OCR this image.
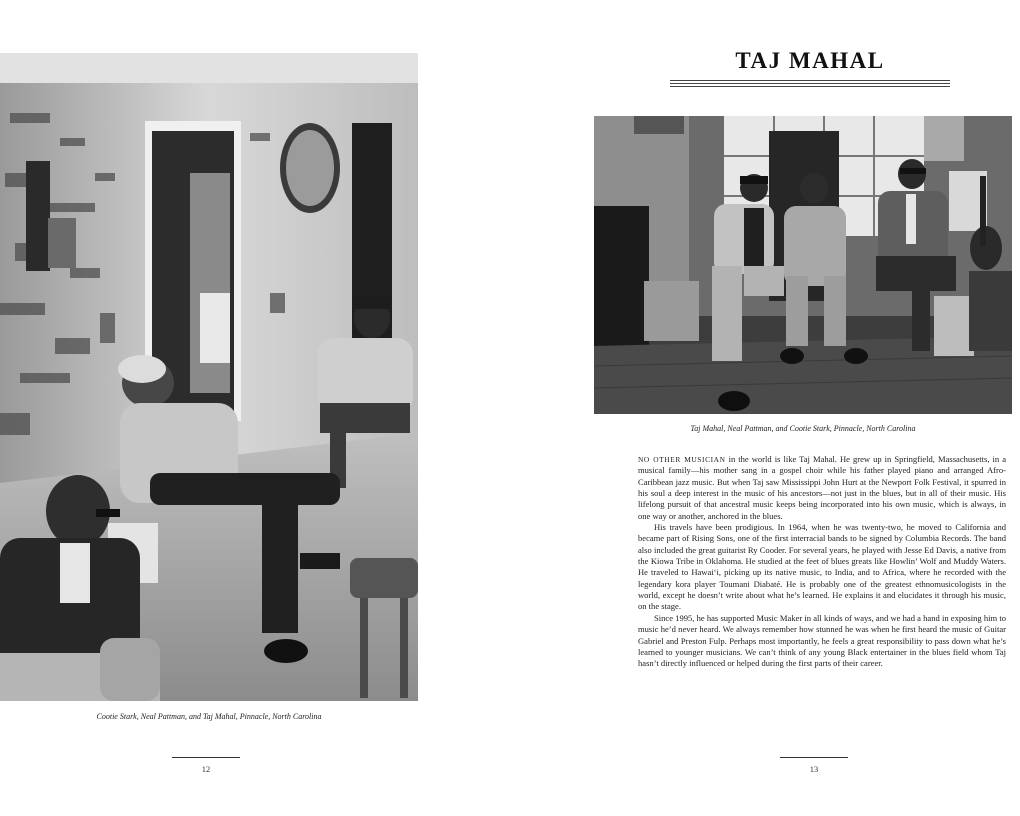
Cootie Stark, Neal Pattman, and Taj Mahal, Pinnacle, North Carolina
12
TAJ MAHAL
Taj Mahal, Neal Pattman, and Cootie Stark, Pinnacle, North Carolina

NO OTHER MUSICIAN in the world is like Taj Mahal. He grew up in Springfield, Massachusetts, in a musical family—his mother sang in a gospel choir while his father played piano and arranged Afro-Caribbean jazz music. But when Taj saw Mississippi John Hurt at the Newport Folk Festival, it spurred in his soul a deep interest in the music of his ancestors—not just in the blues, but in all of their music. His lifelong pursuit of that ancestral music keeps being incorporated into his own music, which is always, in one way or another, anchored in the blues.

His travels have been prodigious. In 1964, when he was twenty-two, he moved to California and became part of Rising Sons, one of the first interracial bands to be signed by Columbia Records. The band also included the great guitarist Ry Cooder. For several years, he played with Jesse Ed Davis, a native from the Kiowa Tribe in Oklahoma. He studied at the feet of blues greats like Howlin’ Wolf and Muddy Waters. He traveled to Hawai‘i, picking up its native music, to India, and to Africa, where he recorded with the legendary kora player Toumani Diabaté. He is probably one of the greatest ethnomusicologists in the world, except he doesn’t write about what he’s learned. He explains it and elucidates it through his music, on the stage.

Since 1995, he has supported Music Maker in all kinds of ways, and we had a hand in exposing him to music he’d never heard. We always remember how stunned he was when he first heard the music of Guitar Gabriel and Preston Fulp. Perhaps most importantly, he feels a great responsibility to pass down what he’s learned to younger musicians. We can’t think of any young Black entertainer in the blues field whom Taj hasn’t directly influenced or helped during the first parts of their career.

13
